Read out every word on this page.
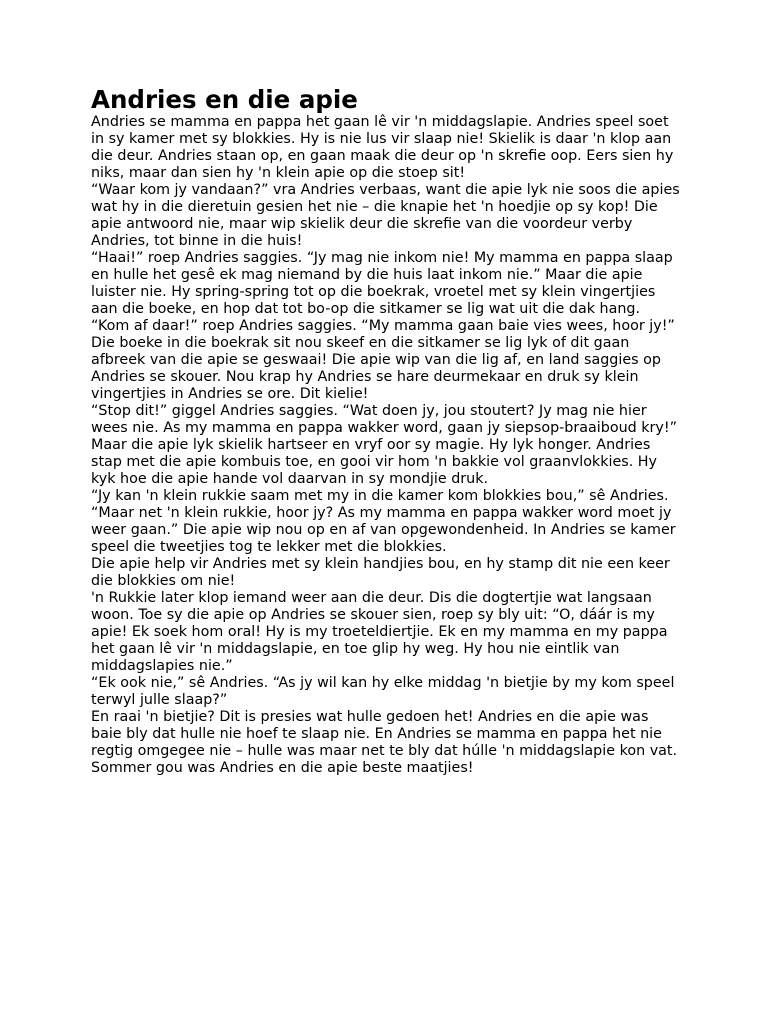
Andries en die apie

Andries se mamma en pappa het gaan lê vir 'n middagslapie. Andries speel soet in sy kamer met sy blokkies. Hy is nie lus vir slaap nie! Skielik is daar 'n klop aan die deur. Andries staan op, en gaan maak die deur op 'n skrefie oop. Eers sien hy niks, maar dan sien hy 'n klein apie op die stoep sit!

“Waar kom jy vandaan?” vra Andries verbaas, want die apie lyk nie soos die apies wat hy in die dieretuin gesien het nie – die knapie het 'n hoedjie op sy kop! Die apie antwoord nie, maar wip skielik deur die skrefie van die voordeur verby Andries, tot binne in die huis!

“Haai!” roep Andries saggies. “Jy mag nie inkom nie! My mamma en pappa slaap en hulle het gesê ek mag niemand by die huis laat inkom nie.” Maar die apie luister nie. Hy spring-spring tot op die boekrak, vroetel met sy klein vingertjies aan die boeke, en hop dat tot bo-op die sitkamer se lig wat uit die dak hang.

“Kom af daar!” roep Andries saggies. “My mamma gaan baie vies wees, hoor jy!” Die boeke in die boekrak sit nou skeef en die sitkamer se lig lyk of dit gaan afbreek van die apie se geswaai! Die apie wip van die lig af, en land saggies op Andries se skouer. Nou krap hy Andries se hare deurmekaar en druk sy klein vingertjies in Andries se ore. Dit kielie!

“Stop dit!” giggel Andries saggies. “Wat doen jy, jou stoutert? Jy mag nie hier wees nie. As my mamma en pappa wakker word, gaan jy siepsop-braaiboud kry!” Maar die apie lyk skielik hartseer en vryf oor sy magie. Hy lyk honger. Andries stap met die apie kombuis toe, en gooi vir hom 'n bakkie vol graanvlokkies. Hy kyk hoe die apie hande vol daarvan in sy mondjie druk.

“Jy kan 'n klein rukkie saam met my in die kamer kom blokkies bou,” sê Andries. “Maar net 'n klein rukkie, hoor jy? As my mamma en pappa wakker word moet jy weer gaan.” Die apie wip nou op en af van opgewondenheid. In Andries se kamer speel die tweetjies tog te lekker met die blokkies.

Die apie help vir Andries met sy klein handjies bou, en hy stamp dit nie een keer die blokkies om nie!

'n Rukkie later klop iemand weer aan die deur. Dis die dogtertjie wat langsaan woon. Toe sy die apie op Andries se skouer sien, roep sy bly uit: “O, dáár is my apie! Ek soek hom oral! Hy is my troeteldiertjie. Ek en my mamma en my pappa het gaan lê vir 'n middagslapie, en toe glip hy weg. Hy hou nie eintlik van middagslapies nie.”

“Ek ook nie,” sê Andries. “As jy wil kan hy elke middag 'n bietjie by my kom speel terwyl julle slaap?”

En raai 'n bietjie? Dit is presies wat hulle gedoen het! Andries en die apie was baie bly dat hulle nie hoef te slaap nie. En Andries se mamma en pappa het nie regtig omgegee nie – hulle was maar net te bly dat húlle 'n middagslapie kon vat. Sommer gou was Andries en die apie beste maatjies!
